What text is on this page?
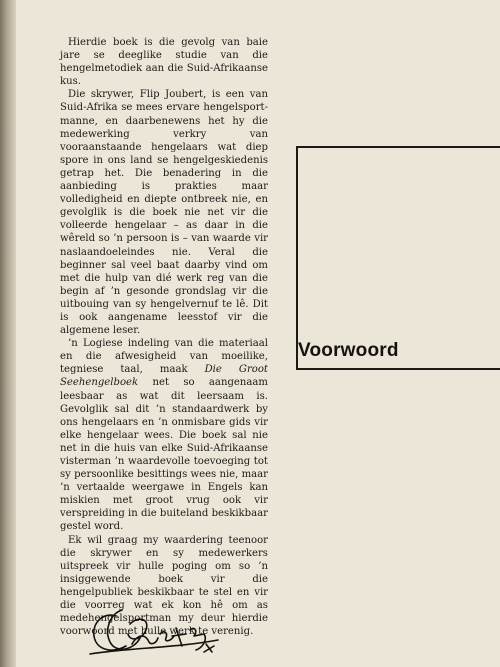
Hierdie boek is die gevolg van baie jare se deeglike studie van die hengelmetodiek aan die Suid-Afrikaanse kus.

Die skrywer, Flip Joubert, is een van Suid-Afrika se mees ervare hengelsport-manne, en daarbenewens het hy die medewerking verkry van vooraanstaande hengelaars wat diep spore in ons land se hengelgeskiedenis getrap het. Die benadering in die aanbieding is prakties maar volledigheid en diepte ontbreek nie, en gevolglik is die boek nie net vir die volleerde hengelaar – as daar in die wêreld so ’n persoon is – van waarde vir naslaandoeleindes nie. Veral die beginner sal veel baat daarby vind om met die hulp van dié werk reg van die begin af ’n gesonde grondslag vir die uitbouing van sy hengelvernuf te lê. Dit is ook aangename leesstof vir die algemene leser.

’n Logiese indeling van die materiaal en die afwesigheid van moeilike, tegniese taal, maak Die Groot Seehengelboek net so aangenaam leesbaar as wat dit leersaam is. Gevolglik sal dit ’n standaardwerk by ons hengelaars en ’n onmisbare gids vir elke hengelaar wees. Die boek sal nie net in die huis van elke Suid-Afrikaanse visterman ’n waardevolle toevoeging tot sy persoonlike besittings wees nie, maar ’n vertaalde weergawe in Engels kan miskien met groot vrug ook vir verspreiding in die buiteland beskikbaar gestel word.

Ek wil graag my waardering teenoor die skrywer en sy medewerkers uitspreek vir hulle poging om so ’n insiggewende boek vir die hengelpubliek beskikbaar te stel en vir die voorreg wat ek kon hê om as medehengelsportman my deur hierdie voorwoord met hulle werk te verenig.

Voorwoord
